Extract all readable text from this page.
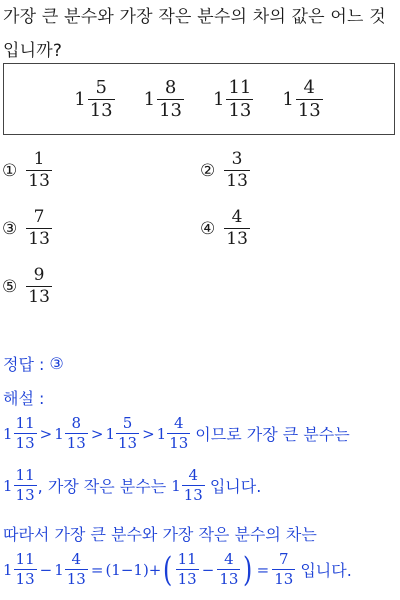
가장 큰 분수와 가장 작은 분수의 차의 값은 어느 것
입니까?
$1 \frac{5}{13} 1 \frac{8}{13} 1 \frac{11}{13} 1 \frac{4}{13}$
① $\frac{1}{13}$	② $\frac{3}{13}$
③ $\frac{7}{13}$	④ $\frac{4}{13}$
⑤ $\frac{9}{13}$
정답 : ③
해설 :
$1 \frac{11}{13} > 1 \frac{8}{13} > 1 \frac{5}{13} > 1 \frac{4}{13}$ 이므로 가장 큰 분수는
$1 \frac{11}{13}$ , 가장 작은 분수는 $1 \frac{4}{13}$ 입니다.
따라서 가장 큰 분수와 가장 작은 분수의 차는
$1 \frac{11}{13} - 1 \frac{4}{13} = (1-1)+$ ( $\frac{11}{13} - \frac{4}{13}$ ) = $\frac{7}{13}$ 입니다.
